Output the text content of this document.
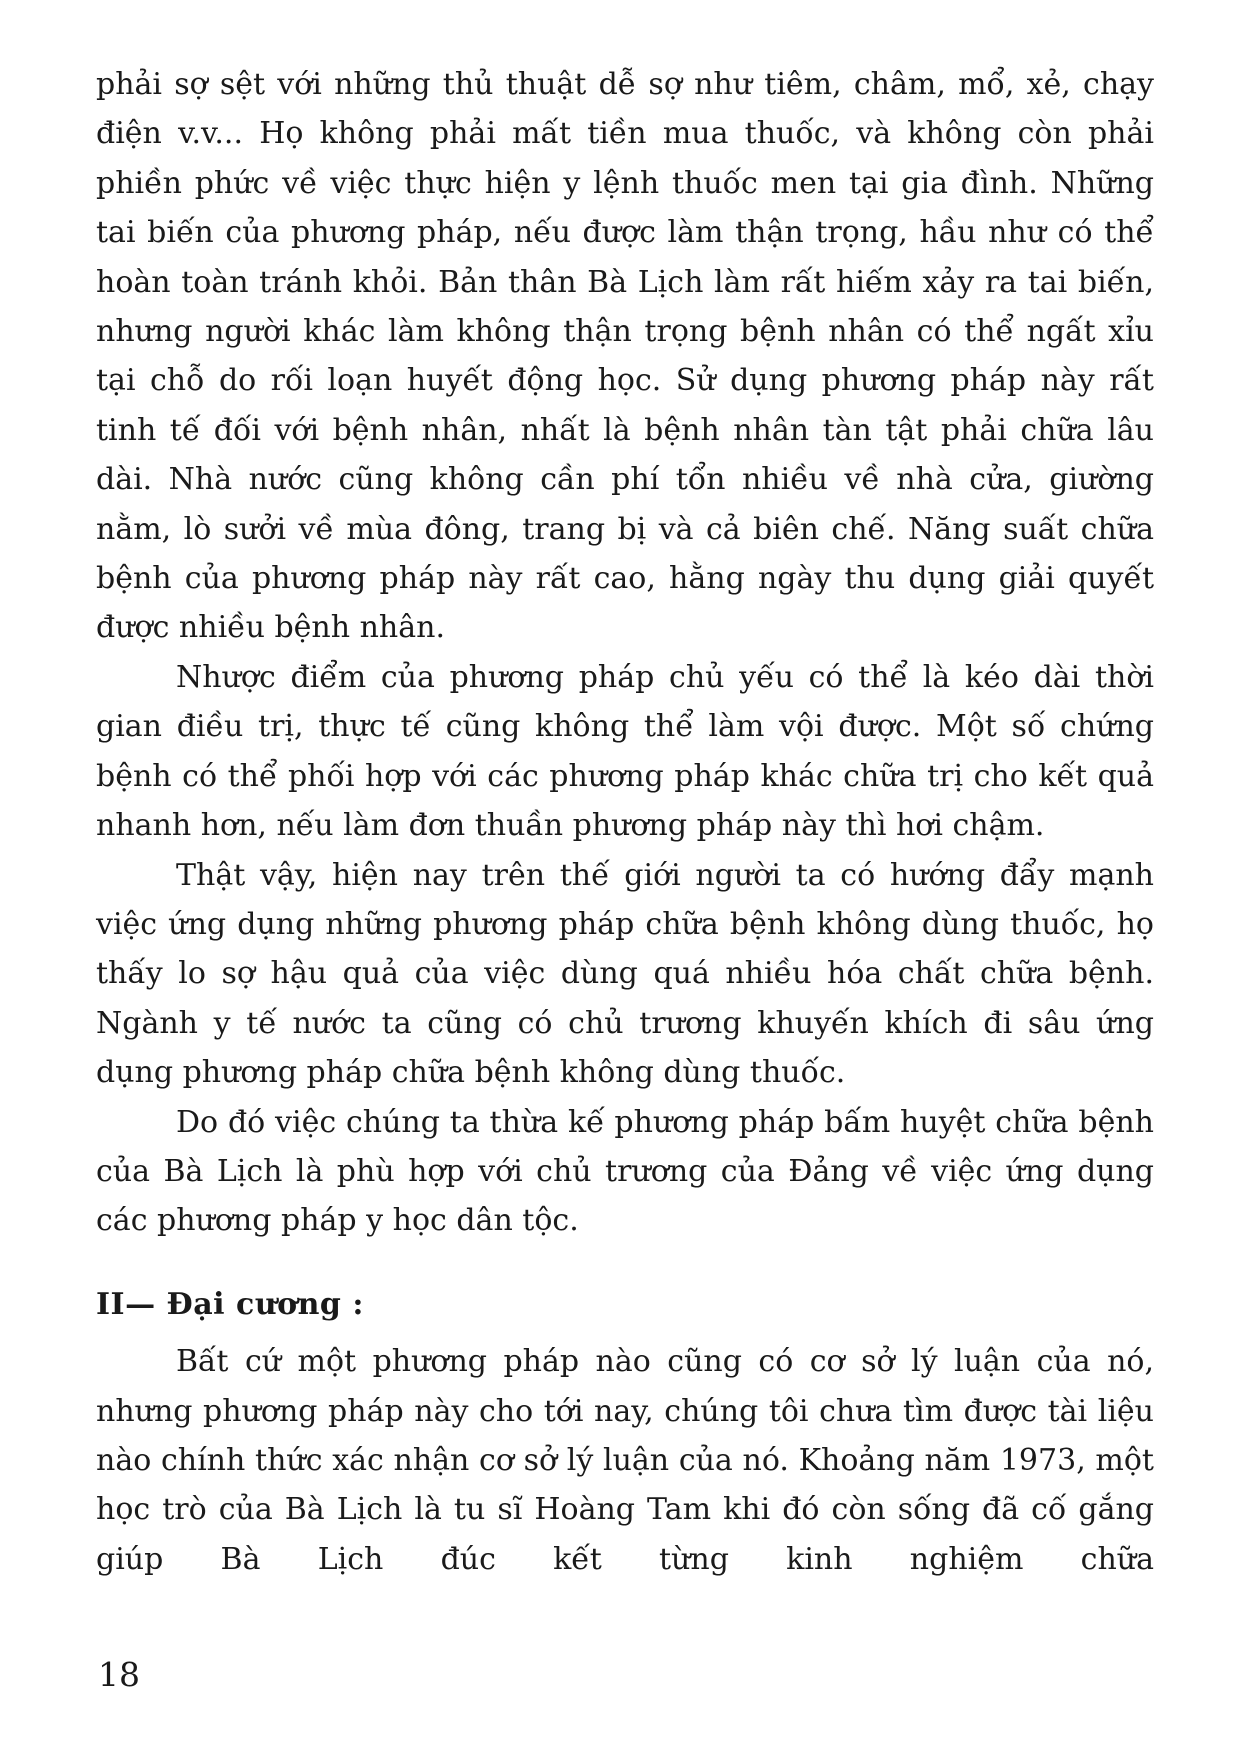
phải sợ sệt với những thủ thuật dễ sợ như tiêm, châm, mổ, xẻ, chạy điện v.v... Họ không phải mất tiền mua thuốc, và không còn phải phiền phức về việc thực hiện y lệnh thuốc men tại gia đình. Những tai biến của phương pháp, nếu được làm thận trọng, hầu như có thể hoàn toàn tránh khỏi. Bản thân Bà Lịch làm rất hiếm xảy ra tai biến, nhưng người khác làm không thận trọng bệnh nhân có thể ngất xỉu tại chỗ do rối loạn huyết động học. Sử dụng phương pháp này rất tinh tế đối với bệnh nhân, nhất là bệnh nhân tàn tật phải chữa lâu dài. Nhà nước cũng không cần phí tổn nhiều về nhà cửa, giường nằm, lò sưởi về mùa đông, trang bị và cả biên chế. Năng suất chữa bệnh của phương pháp này rất cao, hằng ngày thu dụng giải quyết được nhiều bệnh nhân.

Nhược điểm của phương pháp chủ yếu có thể là kéo dài thời gian điều trị, thực tế cũng không thể làm vội được. Một số chứng bệnh có thể phối hợp với các phương pháp khác chữa trị cho kết quả nhanh hơn, nếu làm đơn thuần phương pháp này thì hơi chậm.

Thật vậy, hiện nay trên thế giới người ta có hướng đẩy mạnh việc ứng dụng những phương pháp chữa bệnh không dùng thuốc, họ thấy lo sợ hậu quả của việc dùng quá nhiều hóa chất chữa bệnh. Ngành y tế nước ta cũng có chủ trương khuyến khích đi sâu ứng dụng phương pháp chữa bệnh không dùng thuốc.

Do đó việc chúng ta thừa kế phương pháp bấm huyệt chữa bệnh của Bà Lịch là phù hợp với chủ trương của Đảng về việc ứng dụng các phương pháp y học dân tộc.

II— Đại cương :

Bất cứ một phương pháp nào cũng có cơ sở lý luận của nó, nhưng phương pháp này cho tới nay, chúng tôi chưa tìm được tài liệu nào chính thức xác nhận cơ sở lý luận của nó. Khoảng năm 1973, một học trò của Bà Lịch là tu sĩ Hoàng Tam khi đó còn sống đã cố gắng giúp Bà Lịch đúc kết từng kinh nghiệm chữa

18
